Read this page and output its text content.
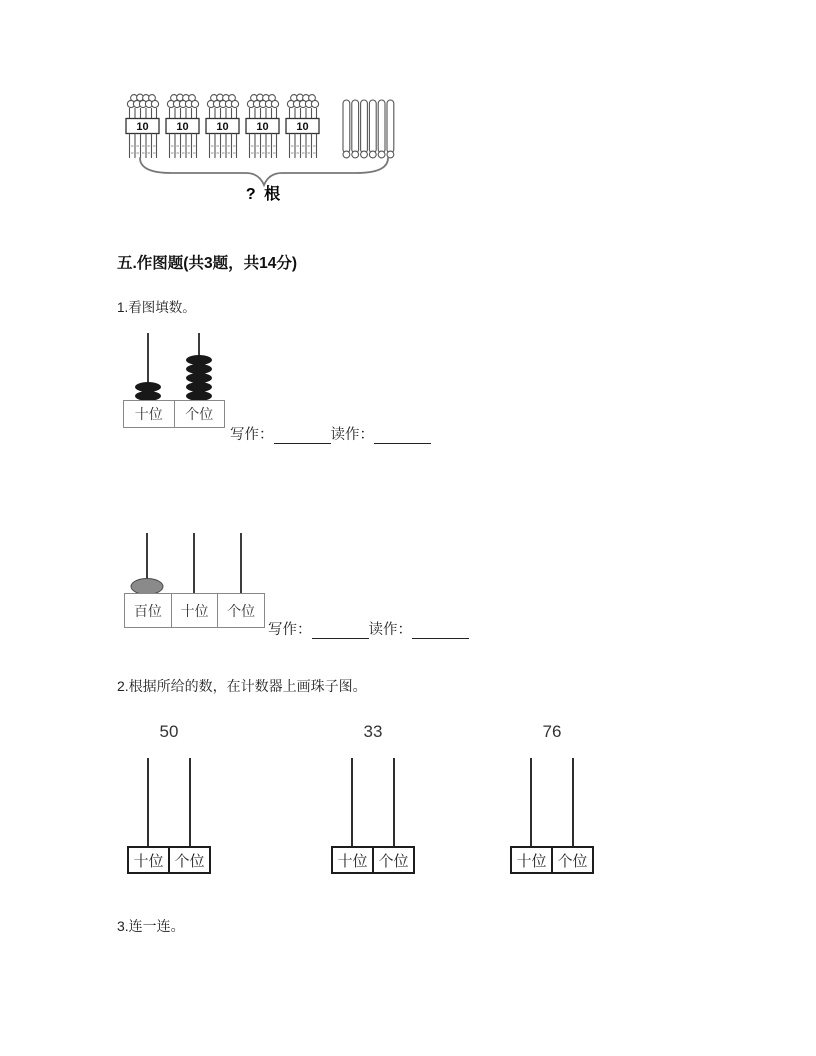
10	10	10	10	10
? 根
五.作图题(共3题，共14分)
1.看图填数。
十位	个位
写作：	读作：
百位	十位	个位
写作：	读作：
2.根据所给的数，在计数器上画珠子图。
50
十位 个位
33
十位 个位
76
十位 个位
3.连一连。
